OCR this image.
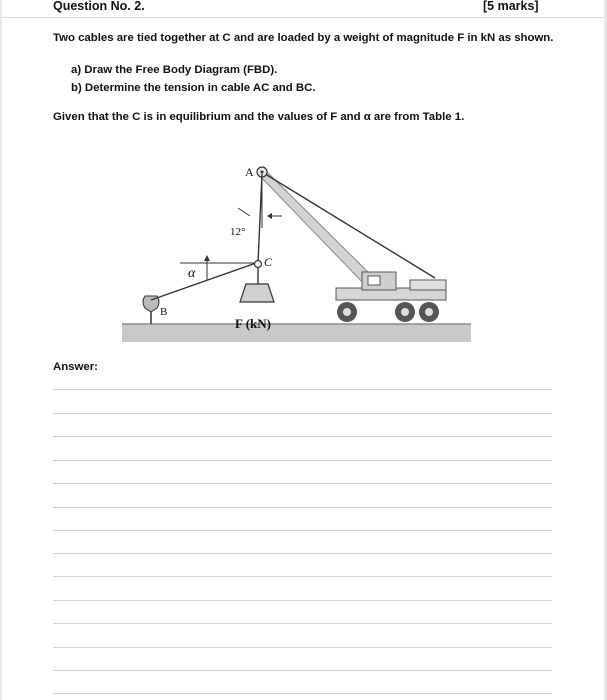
Question No. 2.	[5 marks]
Two cables are tied together at C and are loaded by a weight of magnitude F in kN as shown.
a) Draw the Free Body Diagram (FBD).
b) Determine the tension in cable AC and BC.
Given that the C is in equilibrium and the values of F and α are from Table 1.
A
12°
C
α
B
F (kN)
Answer:
